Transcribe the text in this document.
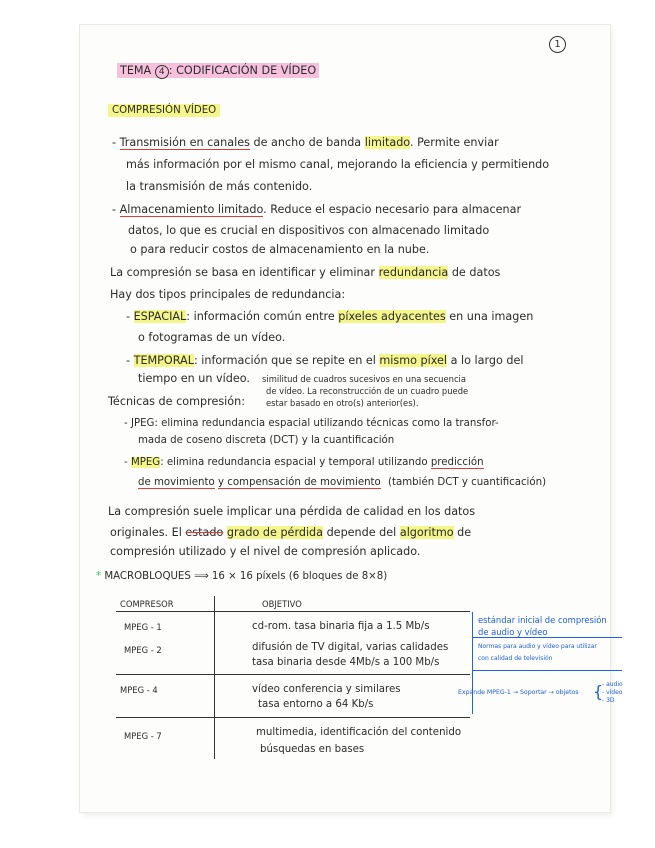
1
TEMA 4 : CODIFICACIÓN DE VÍDEO
COMPRESIÓN VÍDEO
- Transmisión en canales de ancho de banda limitado. Permite enviar
más información por el mismo canal, mejorando la eficiencia y permitiendo
la transmisión de más contenido.
- Almacenamiento limitado. Reduce el espacio necesario para almacenar
datos, lo que es crucial en dispositivos con almacenado limitado
o para reducir costos de almacenamiento en la nube.
La compresión se basa en identificar y eliminar redundancia de datos
Hay dos tipos principales de redundancia:
- ESPACIAL: información común entre píxeles adyacentes en una imagen
o fotogramas de un vídeo.
- TEMPORAL: información que se repite en el mismo píxel a lo largo del
tiempo en un vídeo. similitud de cuadros sucesivos en una secuencia
de vídeo. La reconstrucción de un cuadro puede
estar basado en otro(s) anterior(es).
Técnicas de compresión:
- JPEG: elimina redundancia espacial utilizando técnicas como la transfor-
mada de coseno discreta (DCT) y la cuantificación
- MPEG: elimina redundancia espacial y temporal utilizando predicción
de movimiento y compensación de movimiento (también DCT y cuantificación)
La compresión suele implicar una pérdida de calidad en los datos
originales. El estado grado de pérdida depende del algoritmo de
compresión utilizado y el nivel de compresión aplicado.
* MACROBLOQUES ⟹ 16 × 16 píxels (6 bloques de 8×8)
COMPRESOR	OBJETIVO
MPEG - 1	cd-rom. tasa binaria fija a 1.5 Mb/s
MPEG - 2	difusión de TV digital, varias calidades
tasa binaria desde 4Mb/s a 100 Mb/s
MPEG - 4	vídeo conferencia y similares
tasa entorno a 64 Kb/s
MPEG - 7	multimedia, identificación del contenido
búsquedas en bases
estándar inicial de compresión
de audio y vídeo
Normas para audio y vídeo para utilizar
con calidad de televisión
Expande MPEG-1 → Soportar → objetos {
- audio
- vídeo
- 3D
